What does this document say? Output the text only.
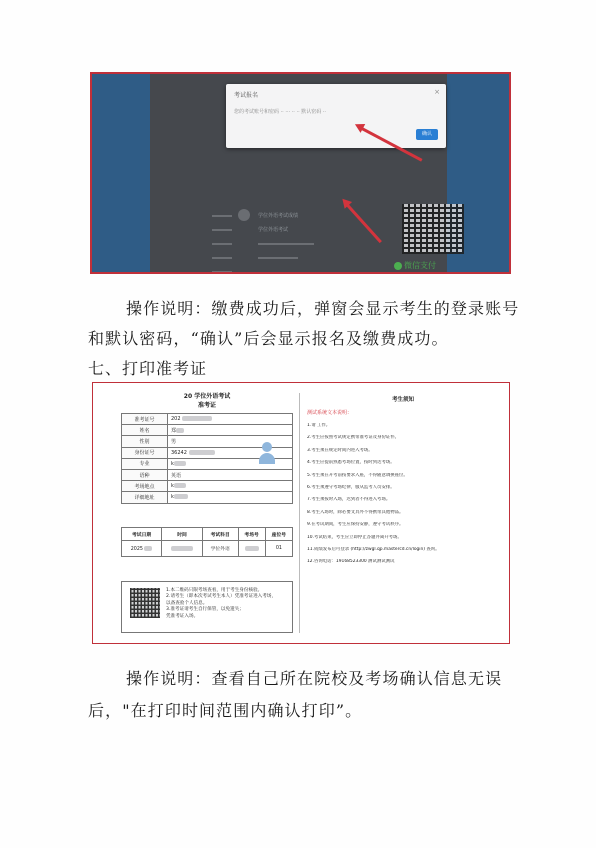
学位外语考试成绩
学位外语考试
微信支付
考试报名	×
您的考试账号和密码 ·· ··· ·· ·· 默认密码 ··
确认
操作说明：缴费成功后，弹窗会显示考生的登录账号
和默认密码，“确认”后会显示报名及缴费成功。
七、打印准考证
20 学位外语考试
准考证
准考证号	202
姓名	郑
性别	男
身份证号	36242
专业	k
语种	英语
考场地点	k
详细地址	k
考试日期	时间	考试科目	考场号	座位号
2025		学位外语		01
1.本二维码只限考场查看，用于考生身份核验。
2.请考生（即本次考试考生本人）凭准考证进入考场，
以备查验个人信息。
3.准考证请考生自行保管，以免遗失；
凭准考证入场。
考生须知
测试系统文本说明：
1.请 工作。
2.考生应按照考试规定携带准考证及身份证件。
3.考生须在规定时间内进入考场。
4.考生应提前熟悉考场位置，按时到达考场。
5.考生须在开考前按要求入座，不得随意调换座位。
6.考生须遵守考场纪律，服从监考人员安排。
7.考生须按时入场，迟到者不得进入考场。
8.考生入场时，除必要文具外不得携带其他物品。
9.在考试期间，考生应保持安静，遵守考试秩序。
10.考试结束，考生应立即停止答题并离开考场。
11.成绩发布后可登录 (http://zwgl.qp.mastercd.cn/login) 查询。
12.咨询电话：19168523300 测试测试测试
操作说明：查看自己所在院校及考场确认信息无误
后，"在打印时间范围内确认打印”。
